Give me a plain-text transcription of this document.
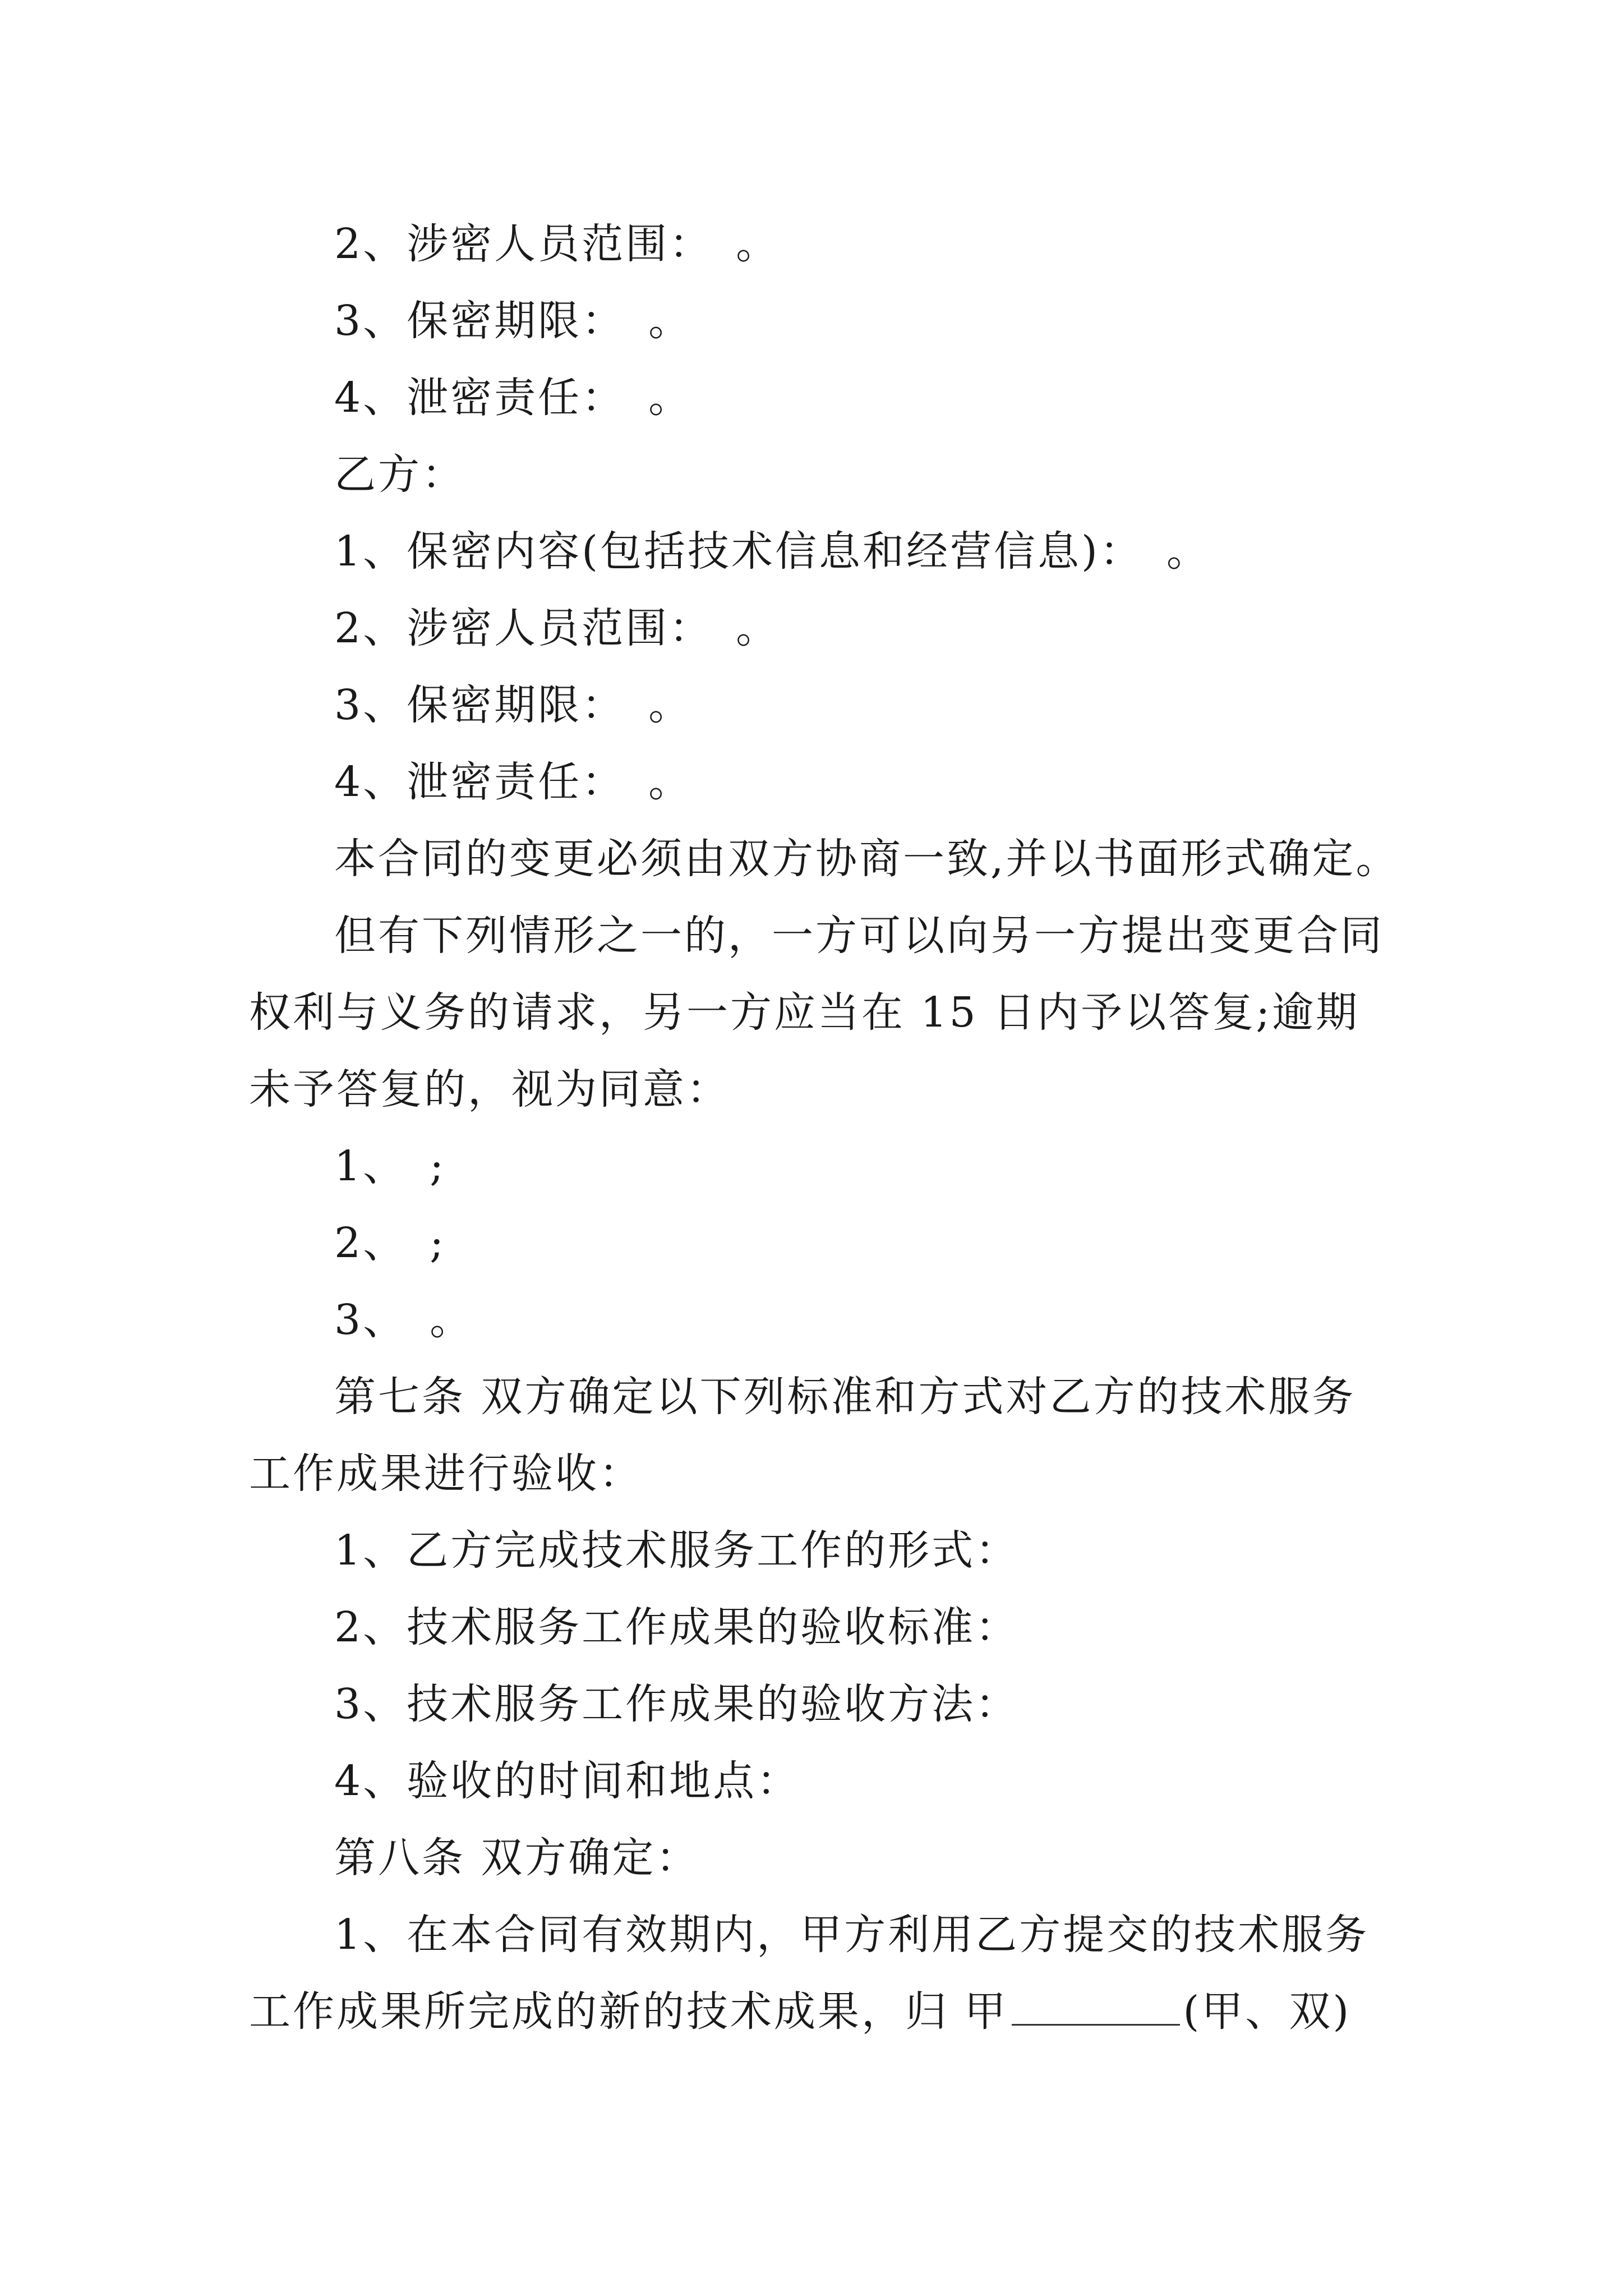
2、涉密人员范围：　。
3、保密期限：　。
4、泄密责任：　。
乙方：
1、保密内容(包括技术信息和经营信息)：　。
2、涉密人员范围：　。
3、保密期限：　。
4、泄密责任：　。
本合同的变更必须由双方协商一致,并以书面形式确定。
但有下列情形之一的，一方可以向另一方提出变更合同
权利与义务的请求，另一方应当在 15 日内予以答复;逾期
未予答复的，视为同意：
1、　;
2、　;
3、　。
第七条 双方确定以下列标准和方式对乙方的技术服务
工作成果进行验收：
1、乙方完成技术服务工作的形式：
2、技术服务工作成果的验收标准：
3、技术服务工作成果的验收方法：
4、验收的时间和地点：
第八条 双方确定：
1、在本合同有效期内，甲方利用乙方提交的技术服务
工作成果所完成的新的技术成果，归 甲	(甲、双)
